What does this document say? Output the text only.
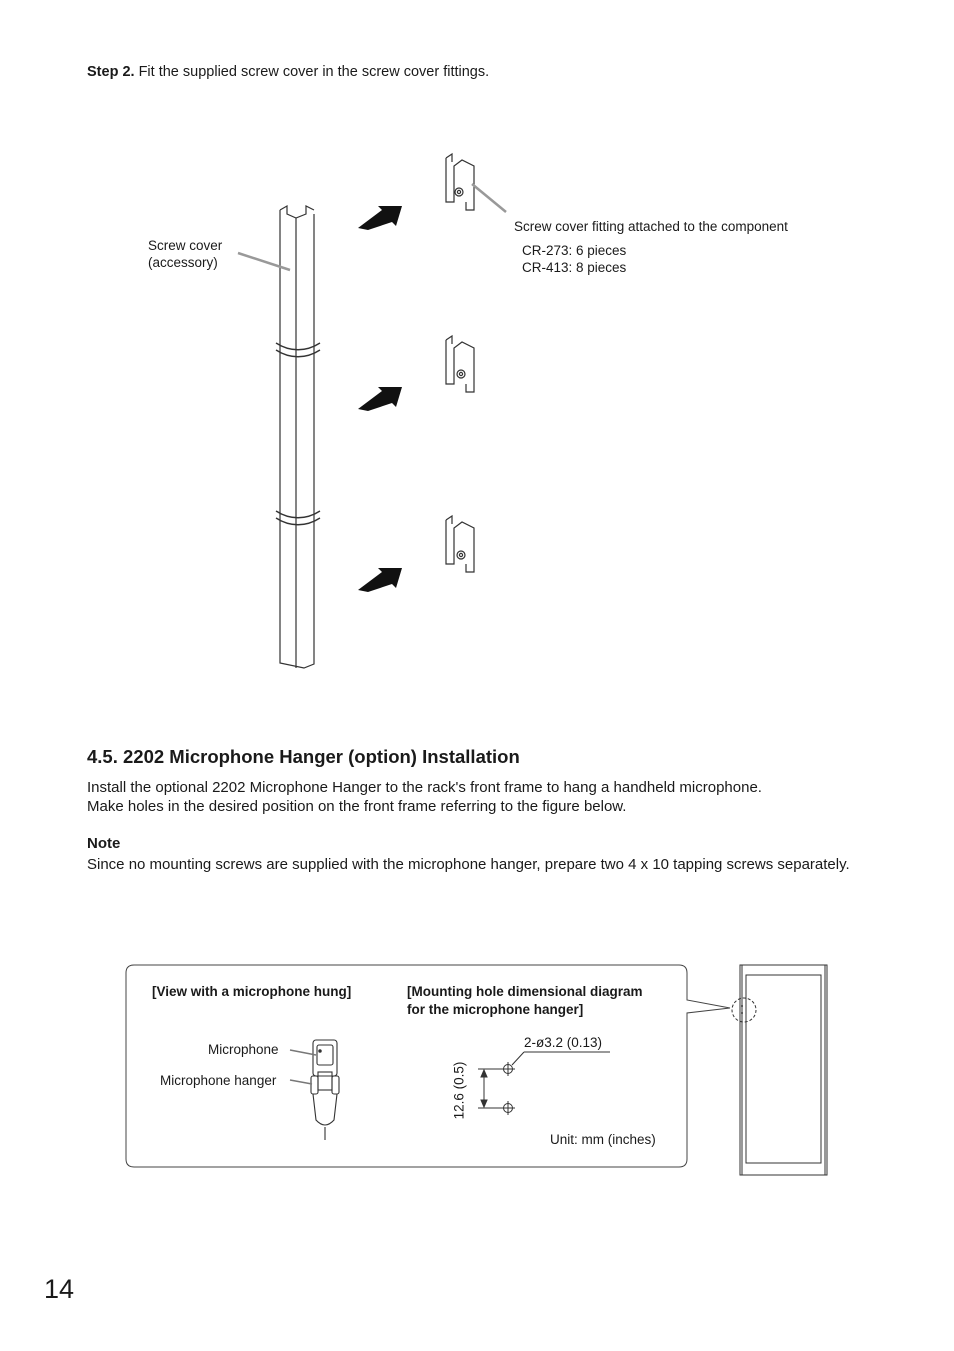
Step 2. Fit the supplied screw cover in the screw cover fittings.
Screw cover
(accessory)
Screw cover fitting attached to the component
CR-273: 6 pieces
CR-413: 8 pieces
4.5. 2202 Microphone Hanger (option) Installation
Install the optional 2202 Microphone Hanger to the rack's front frame to hang a handheld microphone.
Make holes in the desired position on the front frame referring to the figure below.
Note
Since no mounting screws are supplied with the microphone hanger, prepare two 4 x 10 tapping screws separately.
[View with a microphone hung]	[Mounting hole dimensional diagram
for the microphone hanger]
Microphone
Microphone hanger
2-ø3.2 (0.13)
12.6 (0.5)
Unit: mm (inches)
14
